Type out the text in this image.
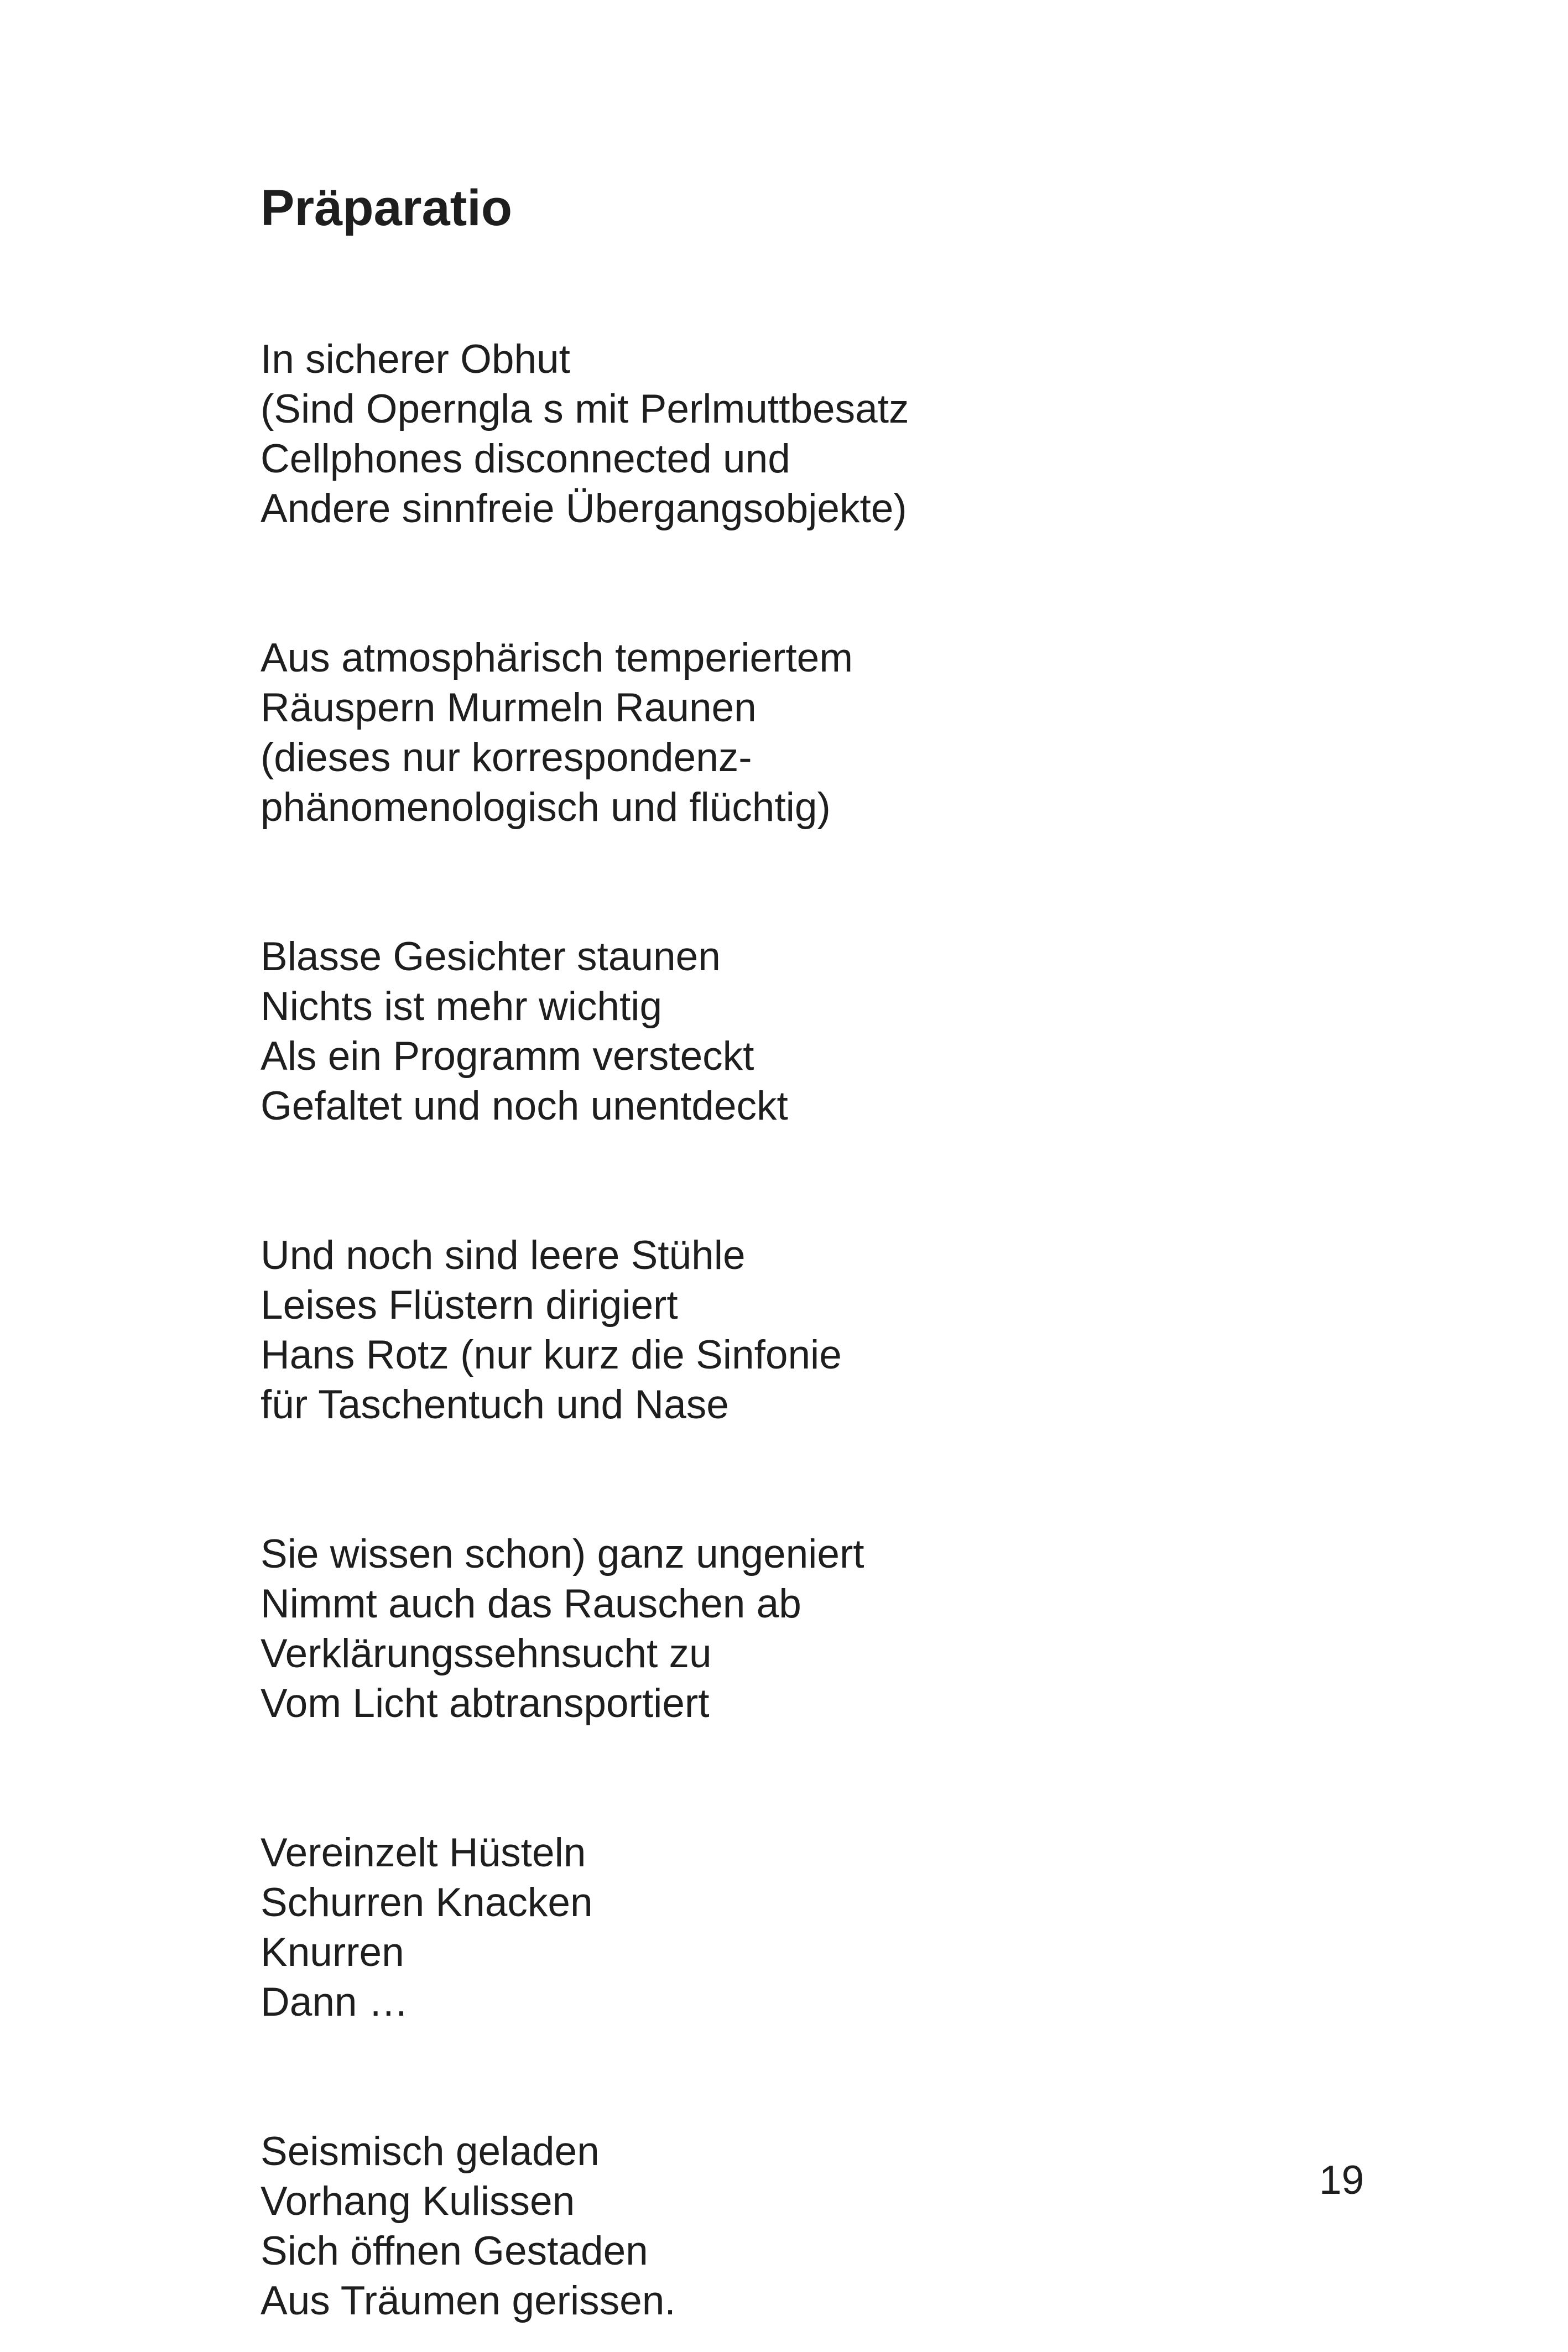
Präparatio
In sicherer Obhut
(Sind Operngla s mit Perlmuttbesatz
Cellphones disconnected und
Andere sinnfreie Übergangsobjekte)
Aus atmosphärisch temperiertem
Räuspern Murmeln Raunen
(dieses nur korrespondenz-
phänomenologisch und flüchtig)
Blasse Gesichter staunen
Nichts ist mehr wichtig
Als ein Programm versteckt
Gefaltet und noch unentdeckt
Und noch sind leere Stühle
Leises Flüstern dirigiert
Hans Rotz (nur kurz die Sinfonie
für Taschentuch und Nase
Sie wissen schon) ganz ungeniert
Nimmt auch das Rauschen ab
Verklärungssehnsucht zu
Vom Licht abtransportiert
Vereinzelt Hüsteln
Schurren Knacken
Knurren
Dann …
Seismisch geladen
Vorhang Kulissen
Sich öffnen Gestaden
Aus Träumen gerissen.
19
